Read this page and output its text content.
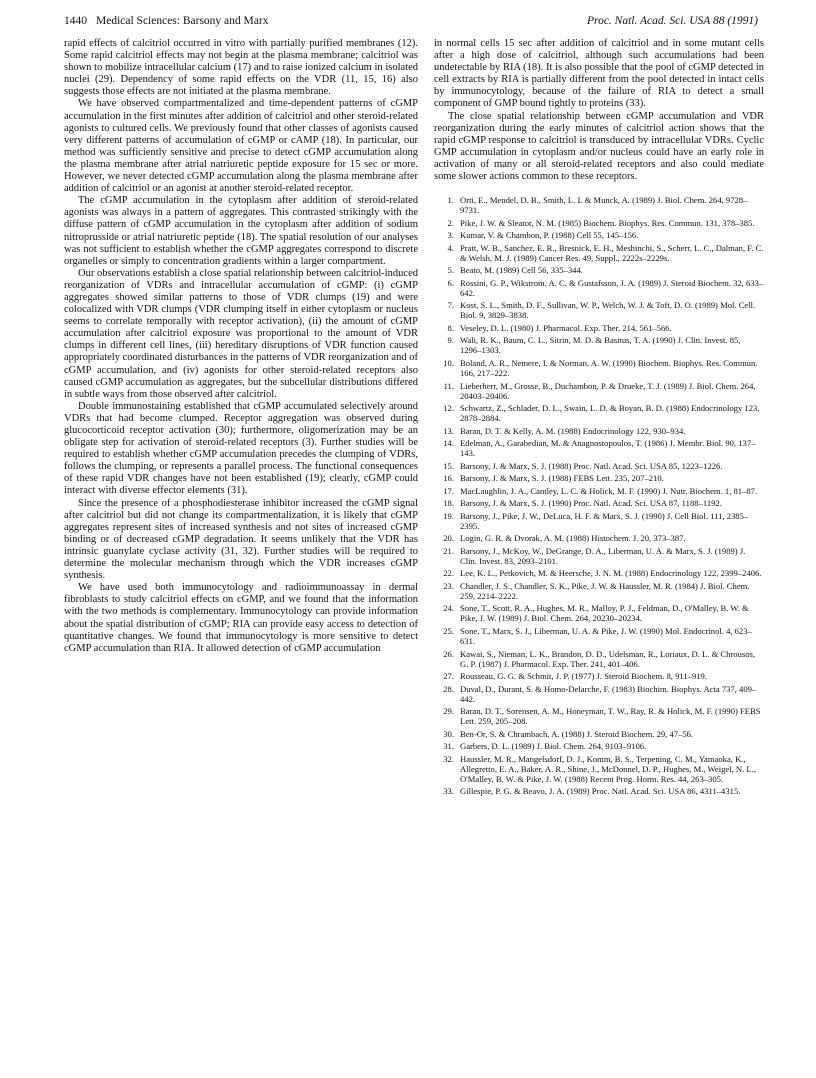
1440 Medical Sciences: Barsony and Marx	Proc. Natl. Acad. Sci. USA 88 (1991)

rapid effects of calcitriol occurred in vitro with partially purified membranes (12). Some rapid calcitriol effects may not begin at the plasma membrane; calcitriol was shown to mobilize intracellular calcium (17) and to raise ionized calcium in isolated nuclei (29). Dependency of some rapid effects on the VDR (11, 15, 16) also suggests those effects are not initiated at the plasma membrane.

We have observed compartmentalized and time-dependent patterns of cGMP accumulation in the first minutes after addition of calcitriol and other steroid-related agonists to cultured cells. We previously found that other classes of agonists caused very different patterns of accumulation of cGMP or cAMP (18). In particular, our method was sufficiently sensitive and precise to detect cGMP accumulation along the plasma membrane after atrial natriuretic peptide exposure for 15 sec or more. However, we never detected cGMP accumulation along the plasma membrane after addition of calcitriol or an agonist at another steroid-related receptor.

The cGMP accumulation in the cytoplasm after addition of steroid-related agonists was always in a pattern of aggregates. This contrasted strikingly with the diffuse pattern of cGMP accumulation in the cytoplasm after addition of sodium nitroprusside or atrial natriuretic peptide (18). The spatial resolution of our analyses was not sufficient to establish whether the cGMP aggregates correspond to discrete organelles or simply to concentration gradients within a larger compartment.

Our observations establish a close spatial relationship between calcitriol-induced reorganization of VDRs and intracellular accumulation of cGMP: (i) cGMP aggregates showed similar patterns to those of VDR clumps (19) and were colocalized with VDR clumps (VDR clumping itself in either cytoplasm or nucleus seems to correlate temporally with receptor activation), (ii) the amount of cGMP accumulation after calcitriol exposure was proportional to the amount of VDR clumps in different cell lines, (iii) hereditary disruptions of VDR function caused appropriately coordinated disturbances in the patterns of VDR reorganization and of cGMP accumulation, and (iv) agonists for other steroid-related receptors also caused cGMP accumulation as aggregates, but the subcellular distributions differed in subtle ways from those observed after calcitriol.

Double immunostaining established that cGMP accumulated selectively around VDRs that had become clumped. Receptor aggregation was observed during glucocorticoid receptor activation (30); furthermore, oligomerization may be an obligate step for activation of steroid-related receptors (3). Further studies will be required to establish whether cGMP accumulation precedes the clumping of VDRs, follows the clumping, or represents a parallel process. The functional consequences of these rapid VDR changes have not been established (19); clearly, cGMP could interact with diverse effector elements (31).

Since the presence of a phosphodiesterase inhibitor increased the cGMP signal after calcitriol but did not change its compartmentalization, it is likely that cGMP aggregates represent sites of increased synthesis and not sites of increased cGMP binding or of decreased cGMP degradation. It seems unlikely that the VDR has intrinsic guanylate cyclase activity (31, 32). Further studies will be required to determine the molecular mechanism through which the VDR increases cGMP synthesis.

We have used both immunocytology and radioimmunoassay in dermal fibroblasts to study calcitriol effects on cGMP, and we found that the information with the two methods is complementary. Immunocytology can provide information about the spatial distribution of cGMP; RIA can provide easy access to detection of quantitative changes. We found that immunocytology is more sensitive to detect cGMP accumulation than RIA. It allowed detection of cGMP accumulation

in normal cells 15 sec after addition of calcitriol and in some mutant cells after a high dose of calcitriol, although such accumulations had been undetectable by RIA (18). It is also possible that the pool of cGMP detected in cell extracts by RIA is partially different from the pool detected in intact cells by immunocytology, because of the failure of RIA to detect a small component of GMP bound tightly to proteins (33).

The close spatial relationship between cGMP accumulation and VDR reorganization during the early minutes of calcitriol action shows that the rapid cGMP response to calcitriol is transduced by intracellular VDRs. Cyclic GMP accumulation in cytoplasm and/or nucleus could have an early role in activation of many or all steroid-related receptors and also could mediate some slower actions common to these receptors.

1. Orti, E., Mendel, D. B., Smith, L. I. & Munck, A. (1989) J. Biol. Chem. 264, 9728–9731.
2. Pike, J. W. & Sleator, N. M. (1985) Biochem. Biophys. Res. Commun. 131, 378–385.
3. Kumar, V. & Chambon, P. (1988) Cell 55, 145–156.
4. Pratt, W. B., Sanchez, E. R., Bresnick, E. H., Meshinchi, S., Scherr, L. C., Dalman, F. C. & Welsh, M. J. (1989) Cancer Res. 49, Suppl., 2222s–2229s.
5. Beato, M. (1989) Cell 56, 335–344.
6. Rossini, G. P., Wikstrom, A. C. & Gustafsson, J. A. (1989) J. Steroid Biochem. 32, 633–642.
7. Kost, S. L., Smith, D. F., Sullivan, W. P., Welch, W. J. & Toft, D. O. (1989) Mol. Cell. Biol. 9, 3829–3838.
8. Veseley, D. L. (1980) J. Pharmacol. Exp. Ther. 214, 561–566.
9. Wali, R. K., Baum, C. L., Sitrin, M. D. & Basitus, T. A. (1990) J. Clin. Invest. 85, 1296–1303.
10. Boland, A. R., Nemere, I. & Norman, A. W. (1990) Biochem. Biophys. Res. Commun. 166, 217–222.
11. Lieberherr, M., Grosse, B., Duchambon, P. & Drueke, T. J. (1989) J. Biol. Chem. 264, 20403–20406.
12. Schwartz, Z., Schlader, D. L., Swain, L. D. & Boyan, B. D. (1988) Endocrinology 123, 2878–2884.
13. Baran, D. T. & Kelly, A. M. (1988) Endocrinology 122, 930–934.
14. Edelman, A., Garabedian, M. & Anagnostopoulos, T. (1986) J. Membr. Biol. 90, 137–143.
15. Barsony, J. & Marx, S. J. (1988) Proc. Natl. Acad. Sci. USA 85, 1223–1226.
16. Barsony, J. & Marx, S. J. (1988) FEBS Lett. 235, 207–210.
17. MacLaughlin, J. A., Cantley, L. C. & Holick, M. F. (1990) J. Nutr. Biochem. 1, 81–87.
18. Barsony, J. & Marx, S. J. (1990) Proc. Natl. Acad. Sci. USA 87, 1188–1192.
19. Barsony, J., Pike, J. W., DeLuca, H. F. & Marx, S. J. (1990) J. Cell Biol. 111, 2385–2395.
20. Login, G. R. & Dvorak, A. M. (1988) Histochem. J. 20, 373–387.
21. Barsony, J., McKoy, W., DeGrange, D. A., Liberman, U. A. & Marx, S. J. (1989) J. Clin. Invest. 83, 2093–2101.
22. Lee, K. L., Petkovich, M. & Heersche, J. N. M. (1988) Endocrinology 122, 2399–2406.
23. Chandler, J. S., Chandler, S. K., Pike, J. W. & Haussler, M. R. (1984) J. Biol. Chem. 259, 2214–2222.
24. Sone, T., Scott, R. A., Hughes, M. R., Malloy, P. J., Feldman, D., O'Malley, B. W. & Pike, J. W. (1989) J. Biol. Chem. 264, 20230–20234.
25. Sone, T., Marx, S. J., Liberman, U. A. & Pike, J. W. (1990) Mol. Endocrinol. 4, 623–631.
26. Kawai, S., Nieman, L. K., Brandon, D. D., Udelsman, R., Loriaux, D. L. & Chrousos, G. P. (1987) J. Pharmacol. Exp. Ther. 241, 401–406.
27. Rousseau, G. G. & Schmit, J. P. (1977) J. Steroid Biochem. 8, 911–919.
28. Duval, D., Durant, S. & Homo-Delarche, F. (1983) Biochim. Biophys. Acta 737, 409–442.
29. Baran, D. T., Sorensen, A. M., Honeyman, T. W., Ray, R. & Holick, M. F. (1990) FEBS Lett. 259, 205–208.
30. Ben-Or, S. & Chrambach, A. (1988) J. Steroid Biochem. 29, 47–56.
31. Garbers, D. L. (1989) J. Biol. Chem. 264, 9103–9106.
32. Haussler, M. R., Mangelsdorf, D. J., Komm, B. S., Terpening, C. M., Yamaoka, K., Allegretto, E. A., Baker, A. R., Shine, J., McDonnel, D. P., Hughes, M., Weigel, N. L., O'Malley, B. W. & Pike, J. W. (1988) Recent Prog. Horm. Res. 44, 263–305.
33. Gillespie, P. G. & Beavo, J. A. (1989) Proc. Natl. Acad. Sci. USA 86, 4311–4315.
